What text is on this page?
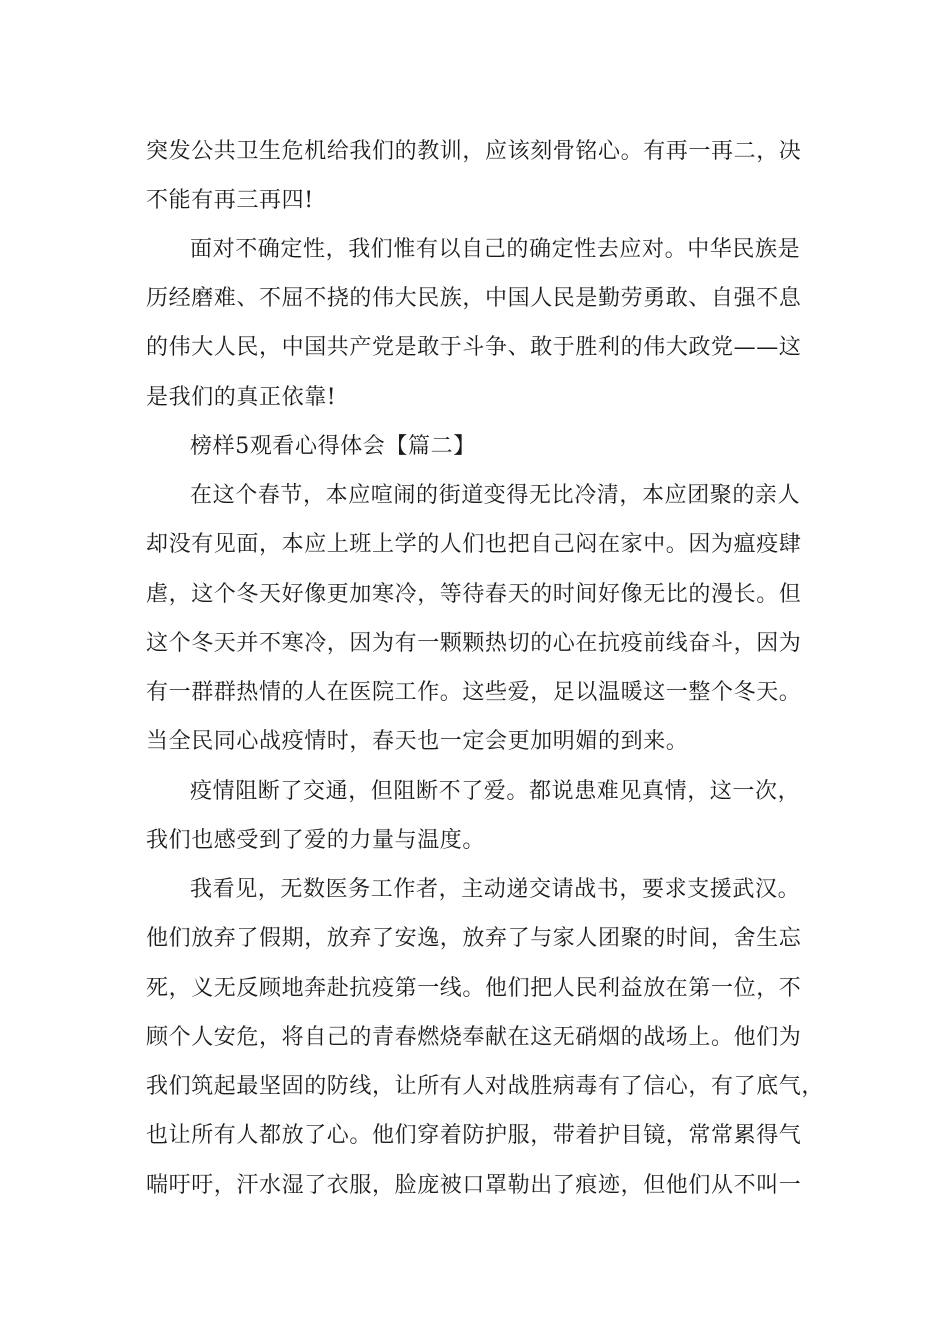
突发公共卫生危机给我们的教训，应该刻骨铭心。有再一再二，决
不能有再三再四!
面对不确定性，我们惟有以自己的确定性去应对。中华民族是
历经磨难、不屈不挠的伟大民族，中国人民是勤劳勇敢、自强不息
的伟大人民，中国共产党是敢于斗争、敢于胜利的伟大政党——这
是我们的真正依靠!
榜样5观看心得体会【篇二】
在这个春节，本应喧闹的街道变得无比冷清，本应团聚的亲人
却没有见面，本应上班上学的人们也把自己闷在家中。因为瘟疫肆
虐，这个冬天好像更加寒冷，等待春天的时间好像无比的漫长。但
这个冬天并不寒冷，因为有一颗颗热切的心在抗疫前线奋斗，因为
有一群群热情的人在医院工作。这些爱，足以温暖这一整个冬天。
当全民同心战疫情时，春天也一定会更加明媚的到来。
疫情阻断了交通，但阻断不了爱。都说患难见真情，这一次，
我们也感受到了爱的力量与温度。
我看见，无数医务工作者，主动递交请战书，要求支援武汉。
他们放弃了假期，放弃了安逸，放弃了与家人团聚的时间，舍生忘
死，义无反顾地奔赴抗疫第一线。他们把人民利益放在第一位，不
顾个人安危，将自己的青春燃烧奉献在这无硝烟的战场上。他们为
我们筑起最坚固的防线，让所有人对战胜病毒有了信心，有了底气，
也让所有人都放了心。他们穿着防护服，带着护目镜，常常累得气
喘吁吁，汗水湿了衣服，脸庞被口罩勒出了痕迹，但他们从不叫一
